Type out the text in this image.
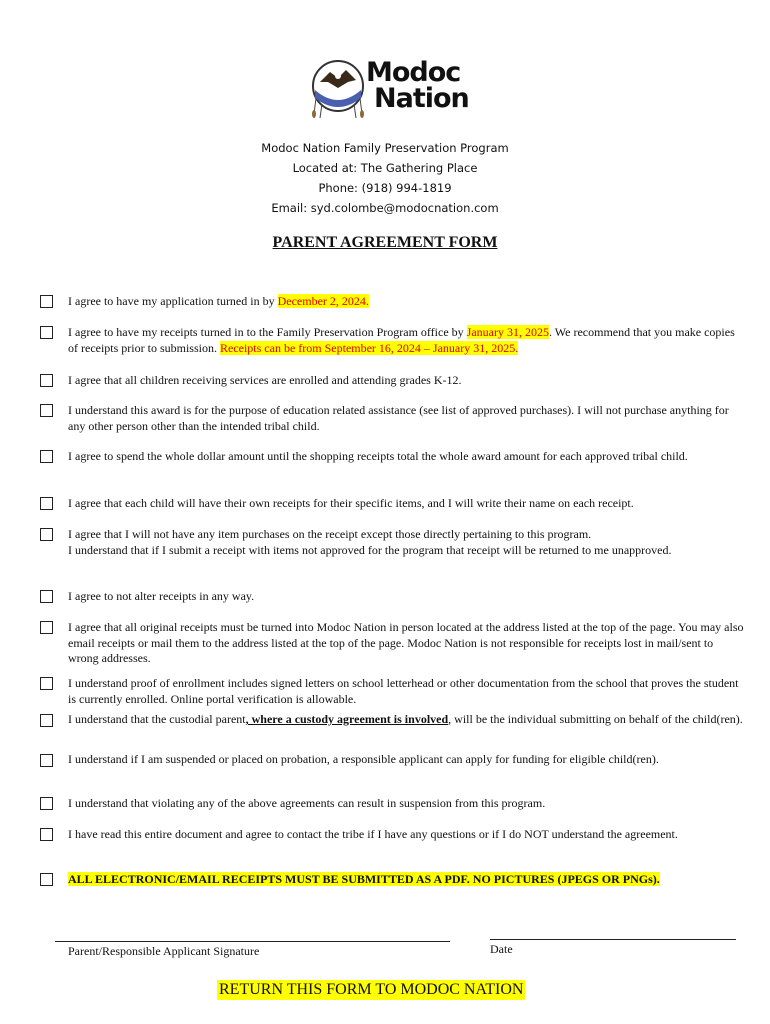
Modoc
Nation
Modoc Nation Family Preservation Program
Located at: The Gathering Place
Phone: (918) 994-1819
Email: syd.colombe@modocnation.com
PARENT AGREEMENT FORM
I agree to have my application turned in by December 2, 2024.
I agree to have my receipts turned in to the Family Preservation Program office by January 31, 2025. We recommend that you make copies of receipts prior to submission. Receipts can be from September 16, 2024 – January 31, 2025.
I agree that all children receiving services are enrolled and attending grades K-12.
I understand this award is for the purpose of education related assistance (see list of approved purchases). I will not purchase anything for any other person other than the intended tribal child.
I agree to spend the whole dollar amount until the shopping receipts total the whole award amount for each approved tribal child.
I agree that each child will have their own receipts for their specific items, and I will write their name on each receipt.
I agree that I will not have any item purchases on the receipt except those directly pertaining to this program.
I understand that if I submit a receipt with items not approved for the program that receipt will be returned to me unapproved.
I agree to not alter receipts in any way.
I agree that all original receipts must be turned into Modoc Nation in person located at the address listed at the top of the page. You may also email receipts or mail them to the address listed at the top of the page. Modoc Nation is not responsible for receipts lost in mail/sent to wrong addresses.
I understand proof of enrollment includes signed letters on school letterhead or other documentation from the school that proves the student is currently enrolled. Online portal verification is allowable.
I understand that the custodial parent, where a custody agreement is involved, will be the individual submitting on behalf of the child(ren).
I understand if I am suspended or placed on probation, a responsible applicant can apply for funding for eligible child(ren).
I understand that violating any of the above agreements can result in suspension from this program.
I have read this entire document and agree to contact the tribe if I have any questions or if I do NOT understand the agreement.
ALL ELECTRONIC/EMAIL RECEIPTS MUST BE SUBMITTED AS A PDF. NO PICTURES (JPEGS OR PNGs).
Parent/Responsible Applicant Signature	Date
RETURN THIS FORM TO MODOC NATION
